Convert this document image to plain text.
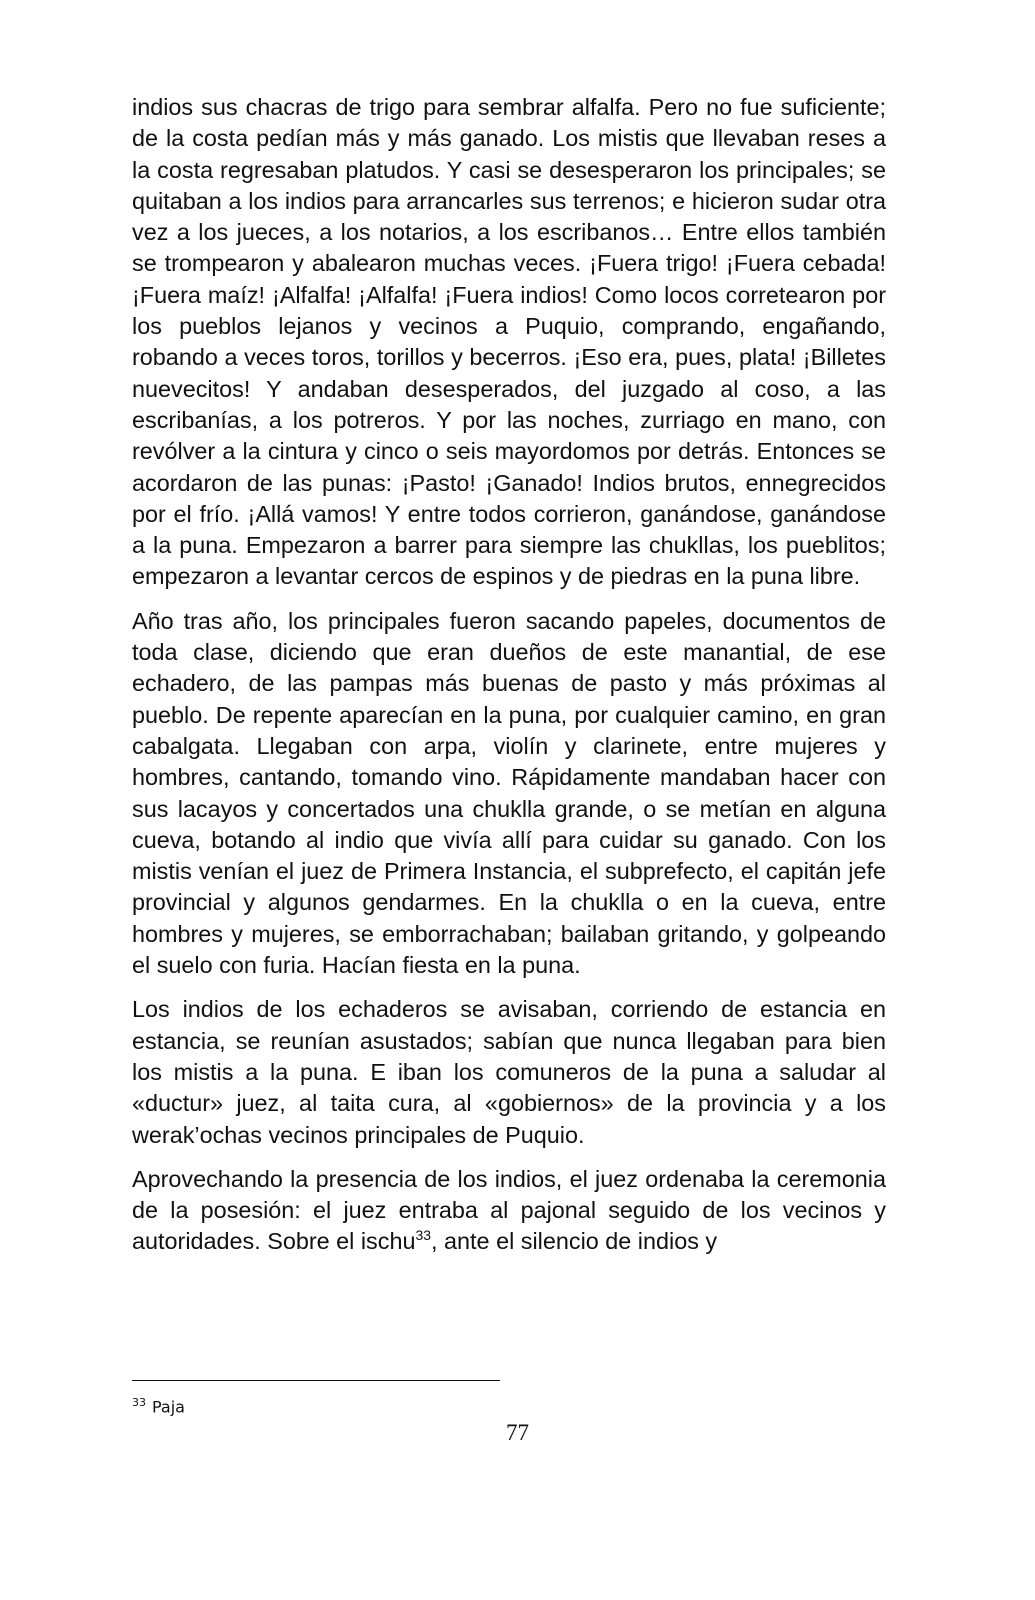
indios sus chacras de trigo para sembrar alfalfa. Pero no fue suficiente; de la costa pedían más y más ganado. Los mistis que llevaban reses a la costa regresaban platudos. Y casi se desesperaron los principales; se quitaban a los indios para arrancarles sus terrenos; e hicieron sudar otra vez a los jueces, a los notarios, a los escribanos… Entre ellos también se trompearon y abalearon muchas veces. ¡Fuera trigo! ¡Fuera cebada! ¡Fuera maíz! ¡Alfalfa! ¡Alfalfa! ¡Fuera indios! Como locos corretearon por los pueblos lejanos y vecinos a Puquio, comprando, engañando, robando a veces toros, torillos y becerros. ¡Eso era, pues, plata! ¡Billetes nuevecitos! Y andaban desesperados, del juzgado al coso, a las escribanías, a los potreros. Y por las noches, zurriago en mano, con revólver a la cintura y cinco o seis mayordomos por detrás. Entonces se acordaron de las punas: ¡Pasto! ¡Ganado! Indios brutos, ennegrecidos por el frío. ¡Allá vamos! Y entre todos corrieron, ganándose, ganándose a la puna. Empezaron a barrer para siempre las chukllas, los pueblitos; empezaron a levantar cercos de espinos y de piedras en la puna libre.

Año tras año, los principales fueron sacando papeles, documentos de toda clase, diciendo que eran dueños de este manantial, de ese echadero, de las pampas más buenas de pasto y más próximas al pueblo. De repente aparecían en la puna, por cualquier camino, en gran cabalgata. Llegaban con arpa, violín y clarinete, entre mujeres y hombres, cantando, tomando vino. Rápidamente mandaban hacer con sus lacayos y concertados una chuklla grande, o se metían en alguna cueva, botando al indio que vivía allí para cuidar su ganado. Con los mistis venían el juez de Primera Instancia, el subprefecto, el capitán jefe provincial y algunos gendarmes. En la chuklla o en la cueva, entre hombres y mujeres, se emborrachaban; bailaban gritando, y golpeando el suelo con furia. Hacían fiesta en la puna.

Los indios de los echaderos se avisaban, corriendo de estancia en estancia, se reunían asustados; sabían que nunca llegaban para bien los mistis a la puna. E iban los comuneros de la puna a saludar al «ductur» juez, al taita cura, al «gobiernos» de la provincia y a los werak’ochas vecinos principales de Puquio.

Aprovechando la presencia de los indios, el juez ordenaba la ceremonia de la posesión: el juez entraba al pajonal seguido de los vecinos y autoridades. Sobre el ischu$^{33}$, ante el silencio de indios y

$^{33}$ Paja
77
